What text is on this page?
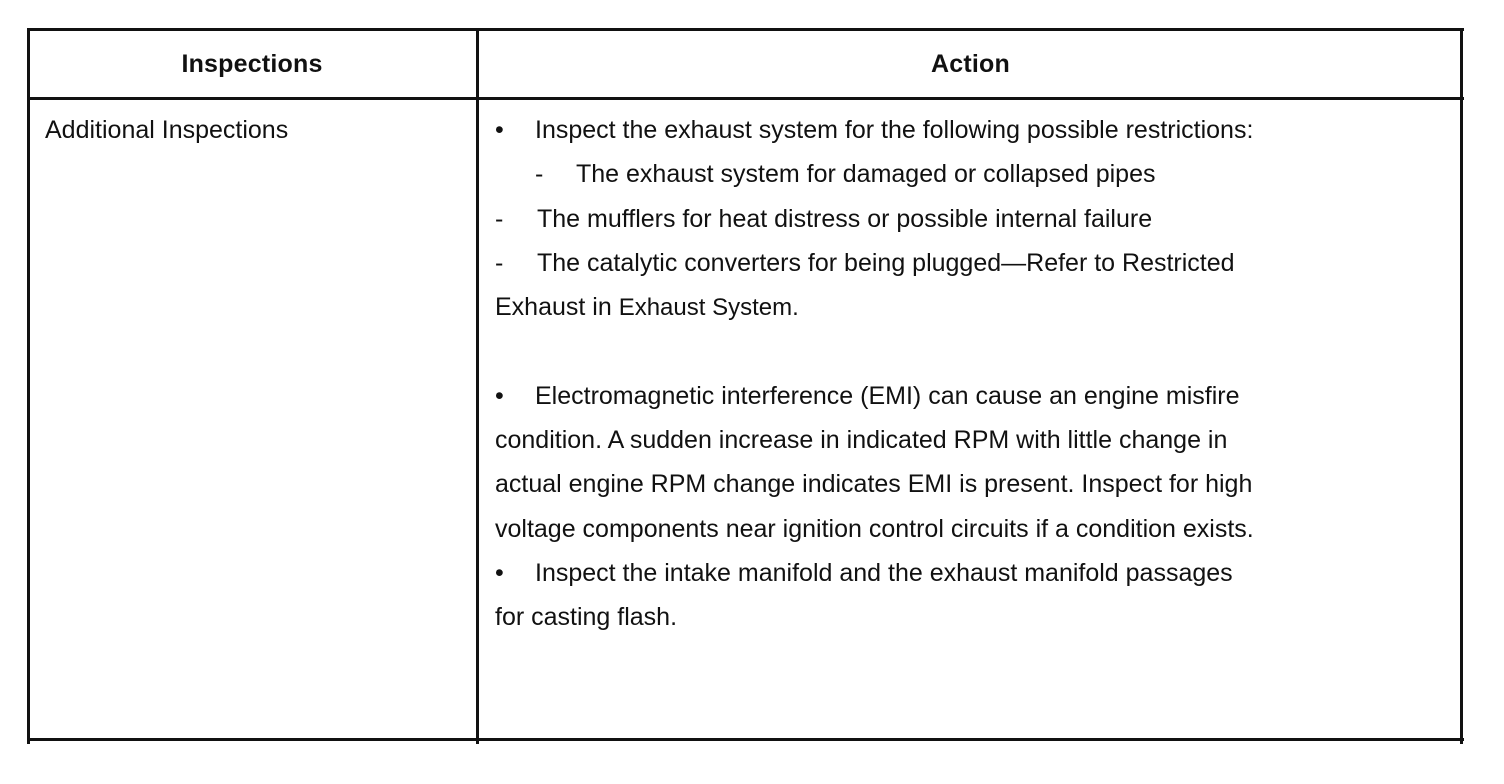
Inspections	Action
Additional Inspections	• Inspect the exhaust system for the following possible restrictions:
- The exhaust system for damaged or collapsed pipes
- The mufflers for heat distress or possible internal failure
- The catalytic converters for being plugged—Refer to Restricted
Exhaust in Exhaust System.
• Electromagnetic interference (EMI) can cause an engine misfire
condition. A sudden increase in indicated RPM with little change in
actual engine RPM change indicates EMI is present. Inspect for high
voltage components near ignition control circuits if a condition exists.
• Inspect the intake manifold and the exhaust manifold passages
for casting flash.
